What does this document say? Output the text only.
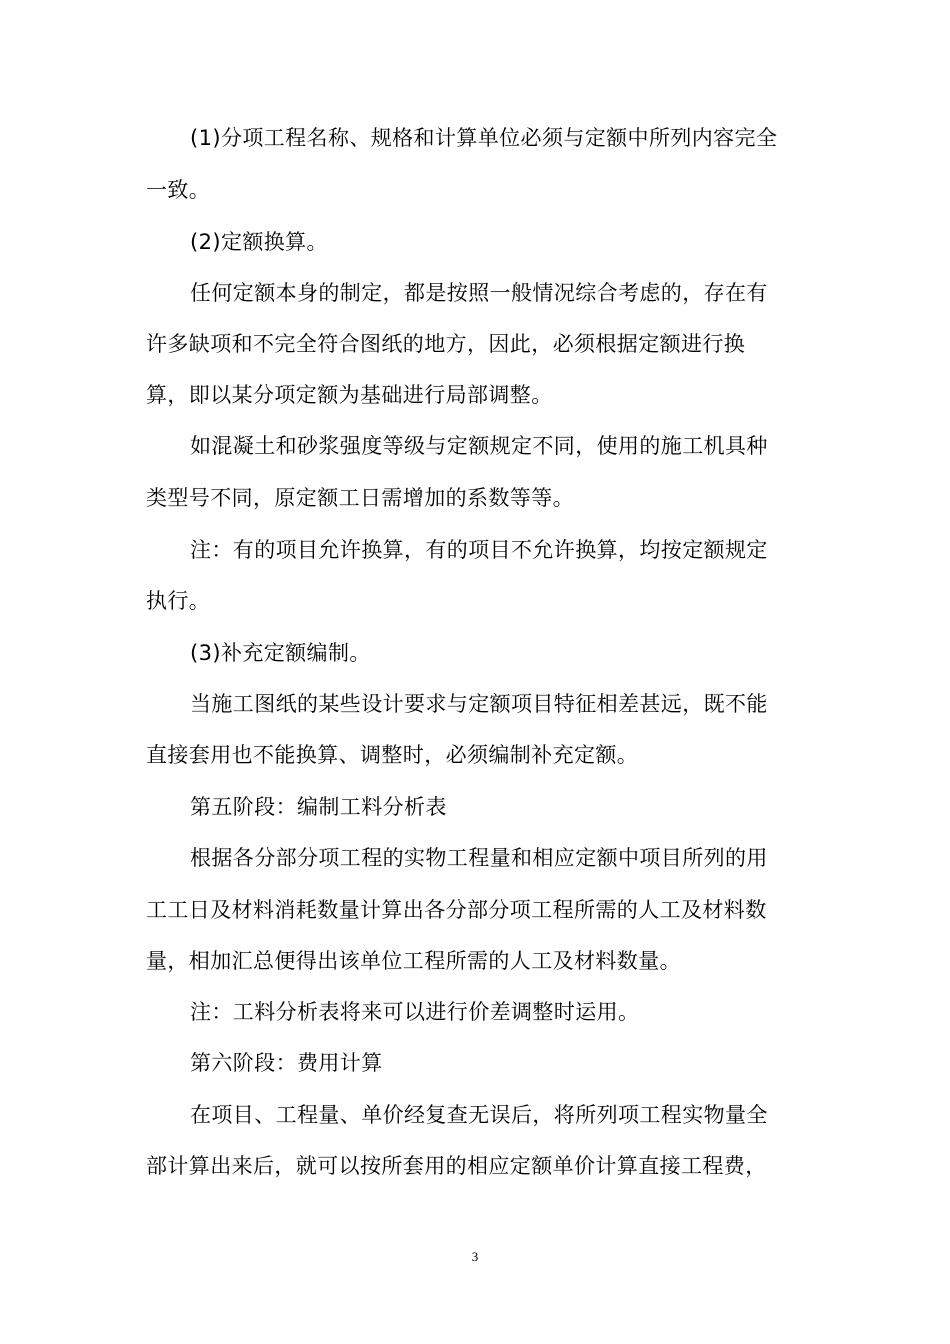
(1)分项工程名称、规格和计算单位必须与定额中所列内容完全
一致。
(2)定额换算。
任何定额本身的制定，都是按照一般情况综合考虑的，存在有
许多缺项和不完全符合图纸的地方，因此，必须根据定额进行换
算，即以某分项定额为基础进行局部调整。
如混凝土和砂浆强度等级与定额规定不同，使用的施工机具种
类型号不同，原定额工日需增加的系数等等。
注：有的项目允许换算，有的项目不允许换算，均按定额规定
执行。
(3)补充定额编制。
当施工图纸的某些设计要求与定额项目特征相差甚远，既不能
直接套用也不能换算、调整时，必须编制补充定额。
第五阶段：编制工料分析表
根据各分部分项工程的实物工程量和相应定额中项目所列的用
工工日及材料消耗数量计算出各分部分项工程所需的人工及材料数
量，相加汇总便得出该单位工程所需的人工及材料数量。
注：工料分析表将来可以进行价差调整时运用。
第六阶段：费用计算
在项目、工程量、单价经复查无误后，将所列项工程实物量全
部计算出来后，就可以按所套用的相应定额单价计算直接工程费，
3
